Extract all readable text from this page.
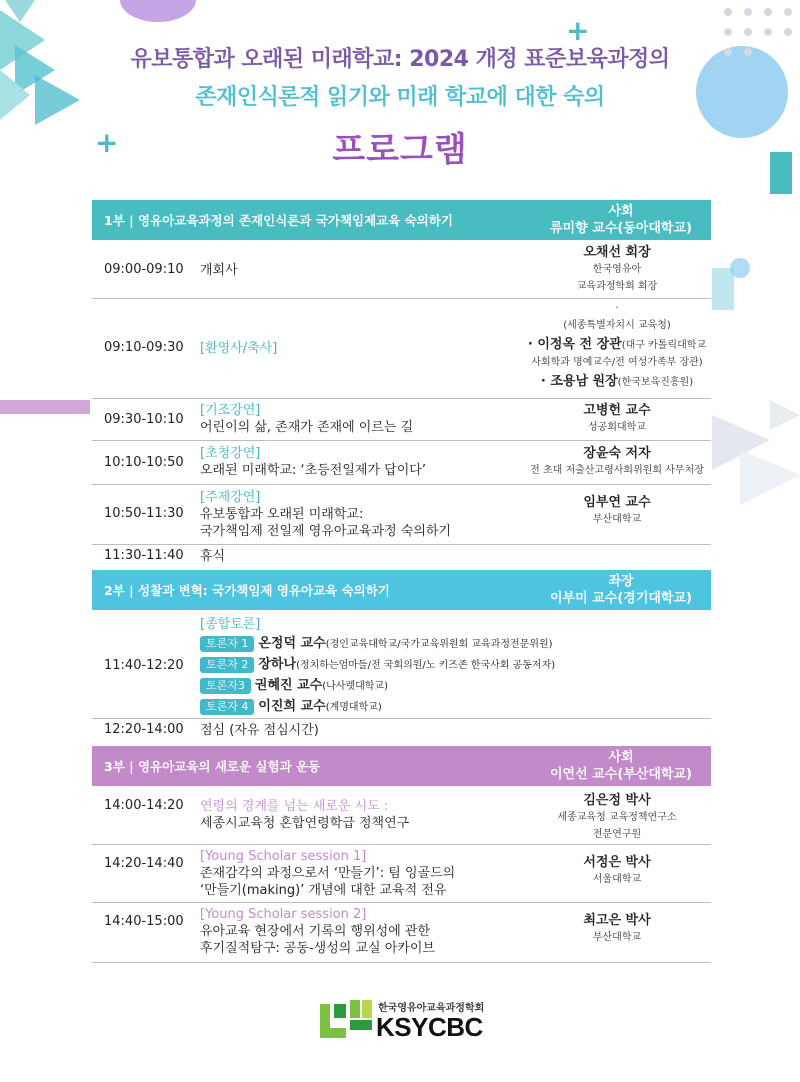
+
+
유보통합과 오래된 미래학교: 2024 개정 표준보육과정의
존재인식론적 읽기와 미래 학교에 대한 숙의
프로그램
1부 | 영유아교육과정의 존재인식론과 국가책임제교육 숙의하기
사회
류미향 교수(동아대학교)
09:00-09:10 개회사
오채선 회장
한국영유아
교육과정학회 회장
09:10-09:30 [환영사/축사]
·
(세종특별자치시 교육청)
· 이정옥 전 장관(대구 카톨릭대학교
사회학과 명예교수/전 여성가족부 장관)
· 조용남 원장(한국보육진흥원)
09:30-10:10
[기조강연]
어린이의 삶, 존재가 존재에 이르는 길
고병헌 교수
성공회대학교
10:10-10:50
[초청강연]
오래된 미래학교: ‘초등전일제가 답이다’
장윤숙 저자
전 초대 저출산고령사회위원회 사무처장
10:50-11:30
[주제강연]
유보통합과 오래된 미래학교:
국가책임제 전일제 영유아교육과정 숙의하기
임부연 교수
부산대학교
11:30-11:40 휴식
2부 | 성찰과 변혁: 국가책임제 영유아교육 숙의하기
좌장
이부미 교수(경기대학교)
11:40-12:20
[종합토론]
토론자 1 온정덕 교수(경인교육대학교/국가교육위원회 교육과정전문위원)
토론자 2 장하나(정치하는엄마들/전 국회의원/노 키즈존 한국사회 공동저자)
토론자3 권혜진 교수(나사렛대학교)
토론자 4 이진희 교수(계명대학교)
12:20-14:00 점심 (자유 점심시간)
3부 | 영유아교육의 새로운 실험과 운동
사회
이연선 교수(부산대학교)
14:00-14:20 연령의 경계를 넘는 새로운 시도 :
세종시교육청 혼합연령학급 정책연구
김은정 박사
세종교육청 교육정책연구소
전문연구원
14:20-14:40 [Young Scholar session 1]
존재감각의 과정으로서 ‘만들기’: 팀 잉골드의
‘만들기(making)’ 개념에 대한 교육적 전유
서정은 박사
서울대학교
14:40-15:00 [Young Scholar session 2]
유아교육 현장에서 기록의 행위성에 관한
후기질적탐구: 공동-생성의 교실 아카이브
최고은 박사
부산대학교
한국영유아교육과정학회
KSYCBC
